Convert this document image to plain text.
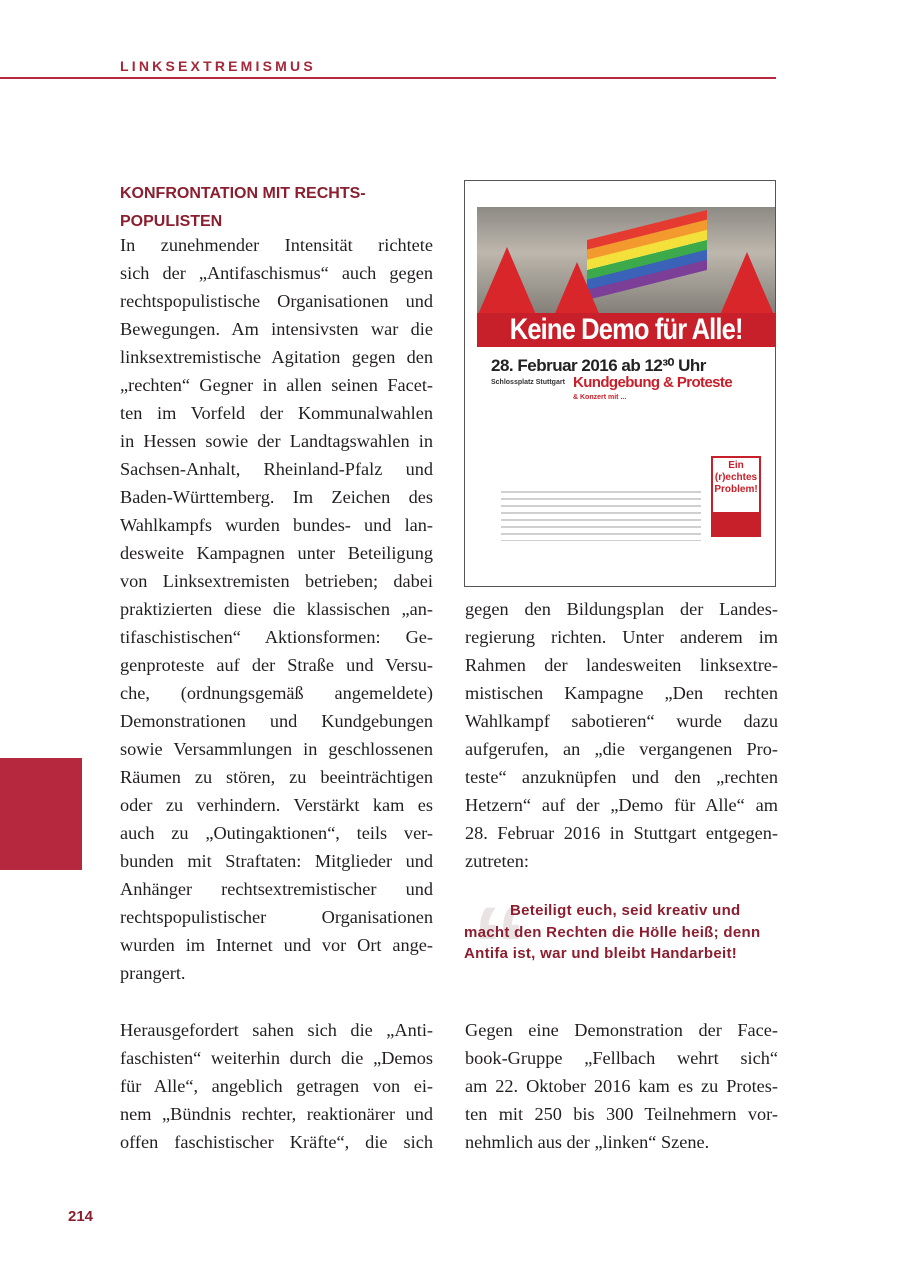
LINKSEXTREMISMUS
214
KONFRONTATION MIT RECHTS-
POPULISTEN
In zunehmender Intensität richtete
sich der „Antifaschismus“ auch gegen
rechtspopulistische Organisationen und
Bewegungen. Am intensivsten war die
linksextremistische Agitation gegen den
„rechten“ Gegner in allen seinen Facet-
ten im Vorfeld der Kommunalwahlen
in Hessen sowie der Landtagswahlen in
Sachsen-Anhalt, Rheinland-Pfalz und
Baden-Württemberg. Im Zeichen des
Wahlkampfs wurden bundes- und lan-
desweite Kampagnen unter Beteiligung
von Linksextremisten betrieben; dabei
praktizierten diese die klassischen „an-
tifaschistischen“ Aktionsformen: Ge-
genproteste auf der Straße und Versu-
che, (ordnungsgemäß angemeldete)
Demonstrationen und Kundgebungen
sowie Versammlungen in geschlossenen
Räumen zu stören, zu beeinträchtigen
oder zu verhindern. Verstärkt kam es
auch zu „Outingaktionen“, teils ver-
bunden mit Straftaten: Mitglieder und
Anhänger rechtsextremistischer und
rechtspopulistischer Organisationen
wurden im Internet und vor Ort ange-
prangert.
Herausgefordert sahen sich die „Anti-
faschisten“ weiterhin durch die „Demos
für Alle“, angeblich getragen von ei-
nem „Bündnis rechter, reaktionärer und
offen faschistischer Kräfte“, die sich
Keine Demo für Alle!
28. Februar 2016 ab 12³⁰ Uhr
Schlossplatz Stuttgart Kundgebung & Proteste
& Konzert mit ...
Ein (r)echtes Problem!
gegen den Bildungsplan der Landes-
regierung richten. Unter anderem im
Rahmen der landesweiten linksextre-
mistischen Kampagne „Den rechten
Wahlkampf sabotieren“ wurde dazu
aufgerufen, an „die vergangenen Pro-
teste“ anzuknüpfen und den „rechten
Hetzern“ auf der „Demo für Alle“ am
28. Februar 2016 in Stuttgart entgegen-
zutreten:
“
Beteiligt euch, seid kreativ und macht den Rechten die Hölle heiß; denn Antifa ist, war und bleibt Handarbeit!
Gegen eine Demonstration der Face-
book-Gruppe „Fellbach wehrt sich“
am 22. Oktober 2016 kam es zu Protes-
ten mit 250 bis 300 Teilnehmern vor-
nehmlich aus der „linken“ Szene.
